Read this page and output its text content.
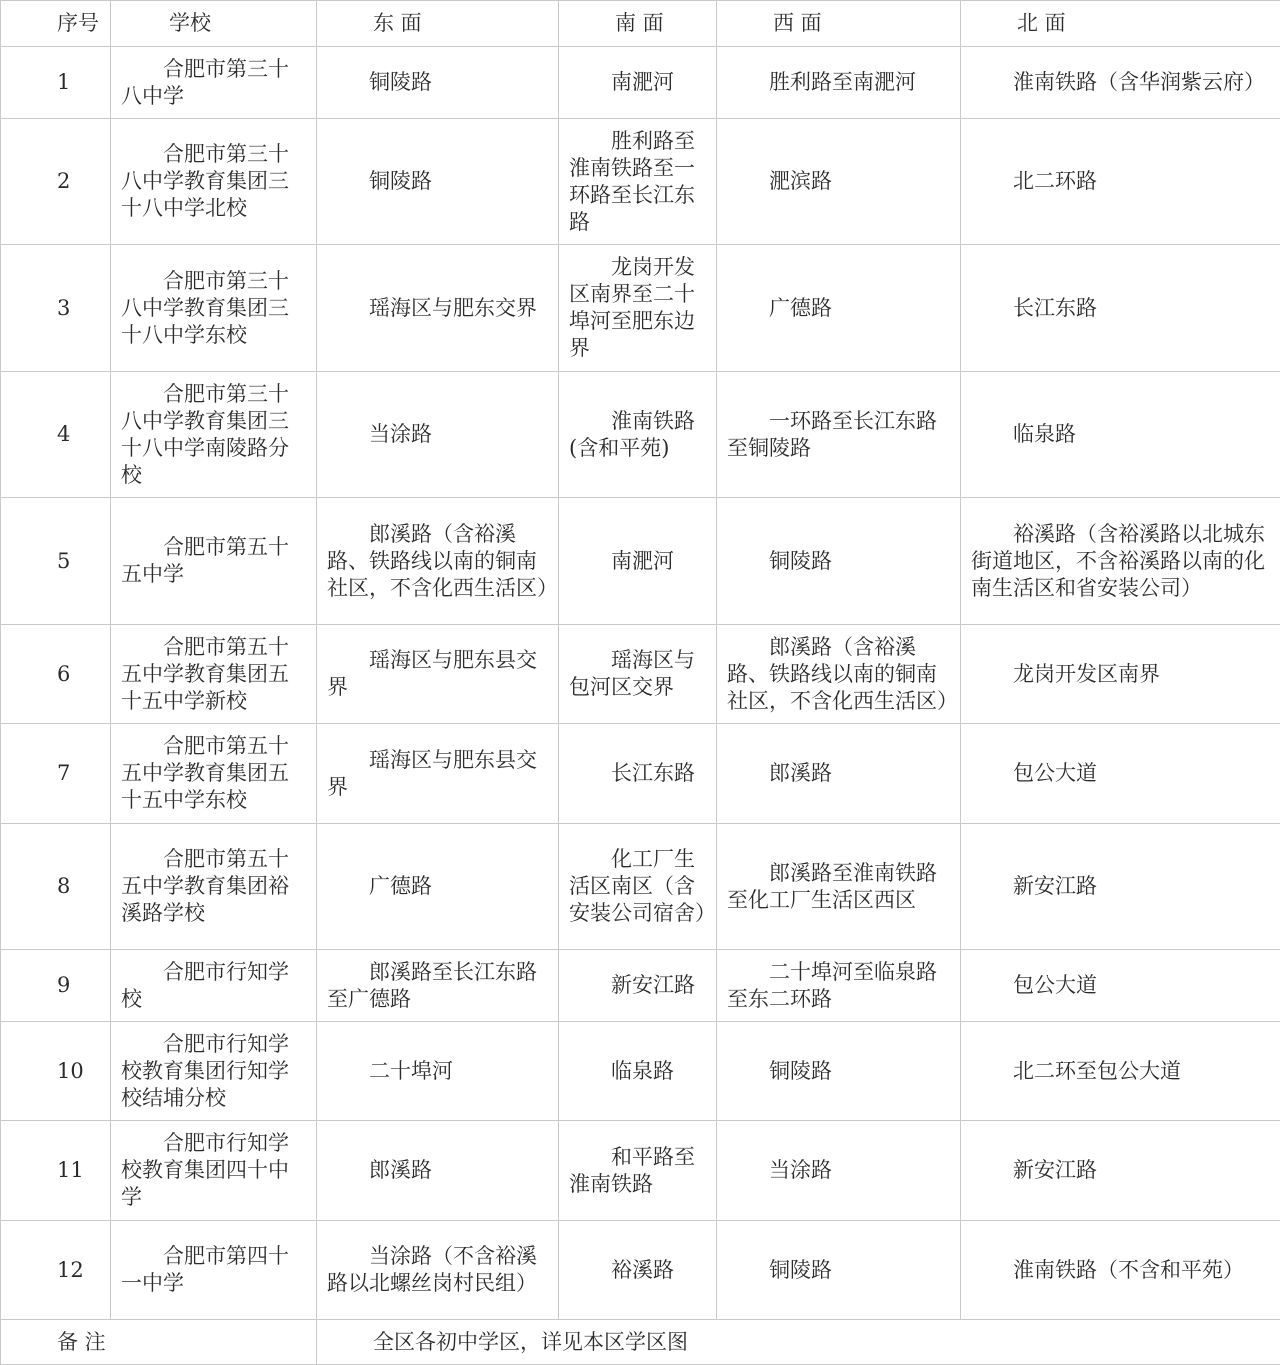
序号	学校	东 面	南 面	西 面	北 面
1	合肥市第三十八中学	铜陵路	南淝河	胜利路至南淝河	淮南铁路（含华润紫云府）
2	合肥市第三十八中学教育集团三十八中学北校	铜陵路	胜利路至淮南铁路至一环路至长江东路	淝滨路	北二环路
3	合肥市第三十八中学教育集团三十八中学东校	瑶海区与肥东交界	龙岗开发区南界至二十埠河至肥东边界	广德路	长江东路
4	合肥市第三十八中学教育集团三十八中学南陵路分校	当涂路	淮南铁路(含和平苑)	一环路至长江东路至铜陵路	临泉路
5	合肥市第五十五中学	郎溪路（含裕溪路、铁路线以南的铜南社区，不含化西生活区）	南淝河	铜陵路	裕溪路（含裕溪路以北城东街道地区，不含裕溪路以南的化南生活区和省安装公司）
6	合肥市第五十五中学教育集团五十五中学新校	瑶海区与肥东县交界	瑶海区与包河区交界	郎溪路（含裕溪路、铁路线以南的铜南社区，不含化西生活区）	龙岗开发区南界
7	合肥市第五十五中学教育集团五十五中学东校	瑶海区与肥东县交界	长江东路	郎溪路	包公大道
8	合肥市第五十五中学教育集团裕溪路学校	广德路	化工厂生活区南区（含安装公司宿舍）	郎溪路至淮南铁路至化工厂生活区西区	新安江路
9	合肥市行知学校	郎溪路至长江东路至广德路	新安江路	二十埠河至临泉路至东二环路	包公大道
10	合肥市行知学校教育集团行知学校结埔分校	二十埠河	临泉路	铜陵路	北二环至包公大道
11	合肥市行知学校教育集团四十中学	郎溪路	和平路至淮南铁路	当涂路	新安江路
12	合肥市第四十一中学	当涂路（不含裕溪路以北螺丝岗村民组）	裕溪路	铜陵路	淮南铁路（不含和平苑）
备 注		全区各初中学区，详见本区学区图			
